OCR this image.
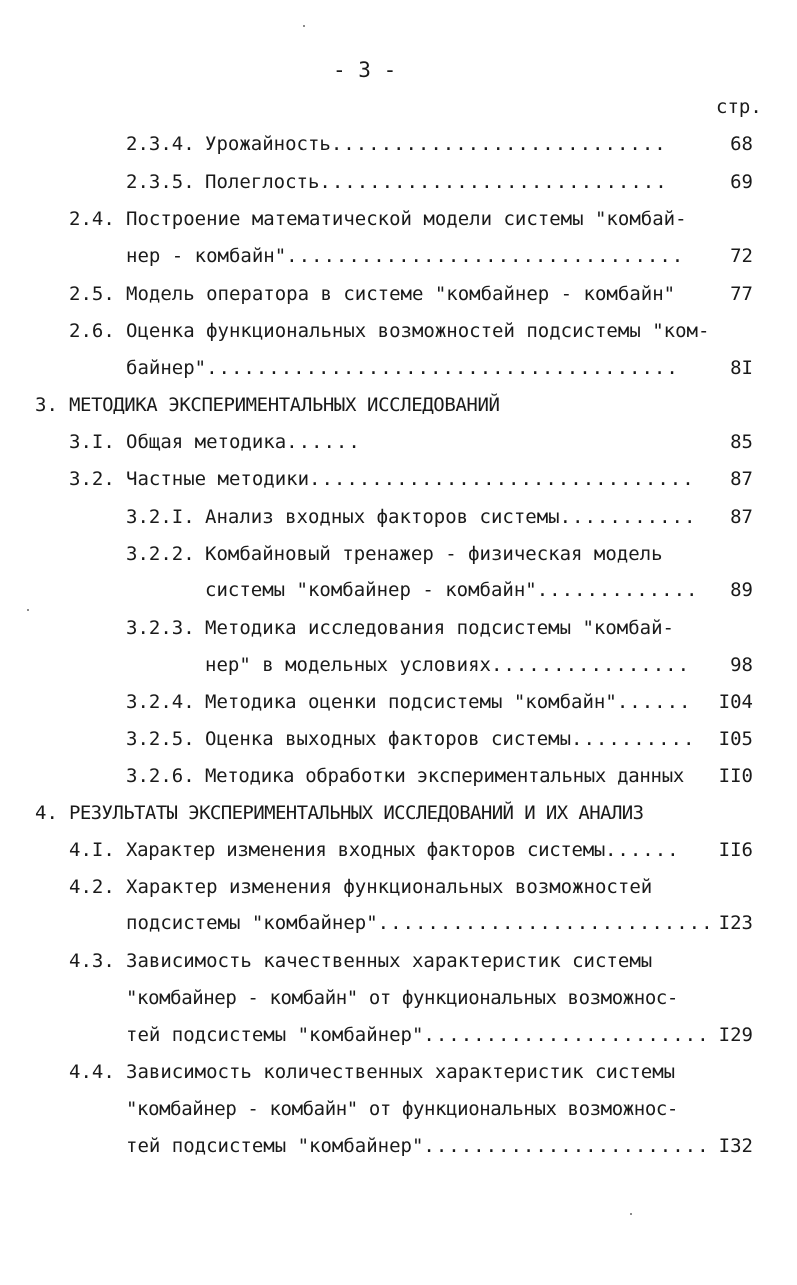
- 3 -
стр.
2.3.4. Урожайность...........................	68
2.3.5. Полеглость............................	69
2.4. Построение математической модели системы "комбай-
нер - комбайн"................................	72
2.5. Модель оператора в системе "комбайнер - комбайн"	77
2.6. Оценка функциональных возможностей подсистемы "ком-
байнер"......................................	8I
3. МЕТОДИКА ЭКСПЕРИМЕНТАЛЬНЫХ ИССЛЕДОВАНИЙ
3.I. Общая методика......	85
3.2. Частные методики...............................	87
3.2.I. Анализ входных факторов системы...........	87
3.2.2. Комбайновый тренажер - физическая модель
системы "комбайнер - комбайн".............	89
3.2.3. Методика исследования подсистемы "комбай-
нер" в модельных условиях................	98
3.2.4. Методика оценки подсистемы "комбайн"...... I04
3.2.5. Оценка выходных факторов системы.......... I05
3.2.6. Методика обработки экспериментальных данных II0
4. РЕЗУЛЬТАТЫ ЭКСПЕРИМЕНТАЛЬНЫХ ИССЛЕДОВАНИЙ И ИХ АНАЛИЗ
4.I. Характер изменения входных факторов системы...... II6
4.2. Характер изменения функциональных возможностей
подсистемы "комбайнер"........................... I23
4.3. Зависимость качественных характеристик системы
"комбайнер - комбайн" от функциональных возможнос-
тей подсистемы "комбайнер"....................... I29
4.4. Зависимость количественных характеристик системы
"комбайнер - комбайн" от функциональных возможнос-
тей подсистемы "комбайнер"....................... I32
